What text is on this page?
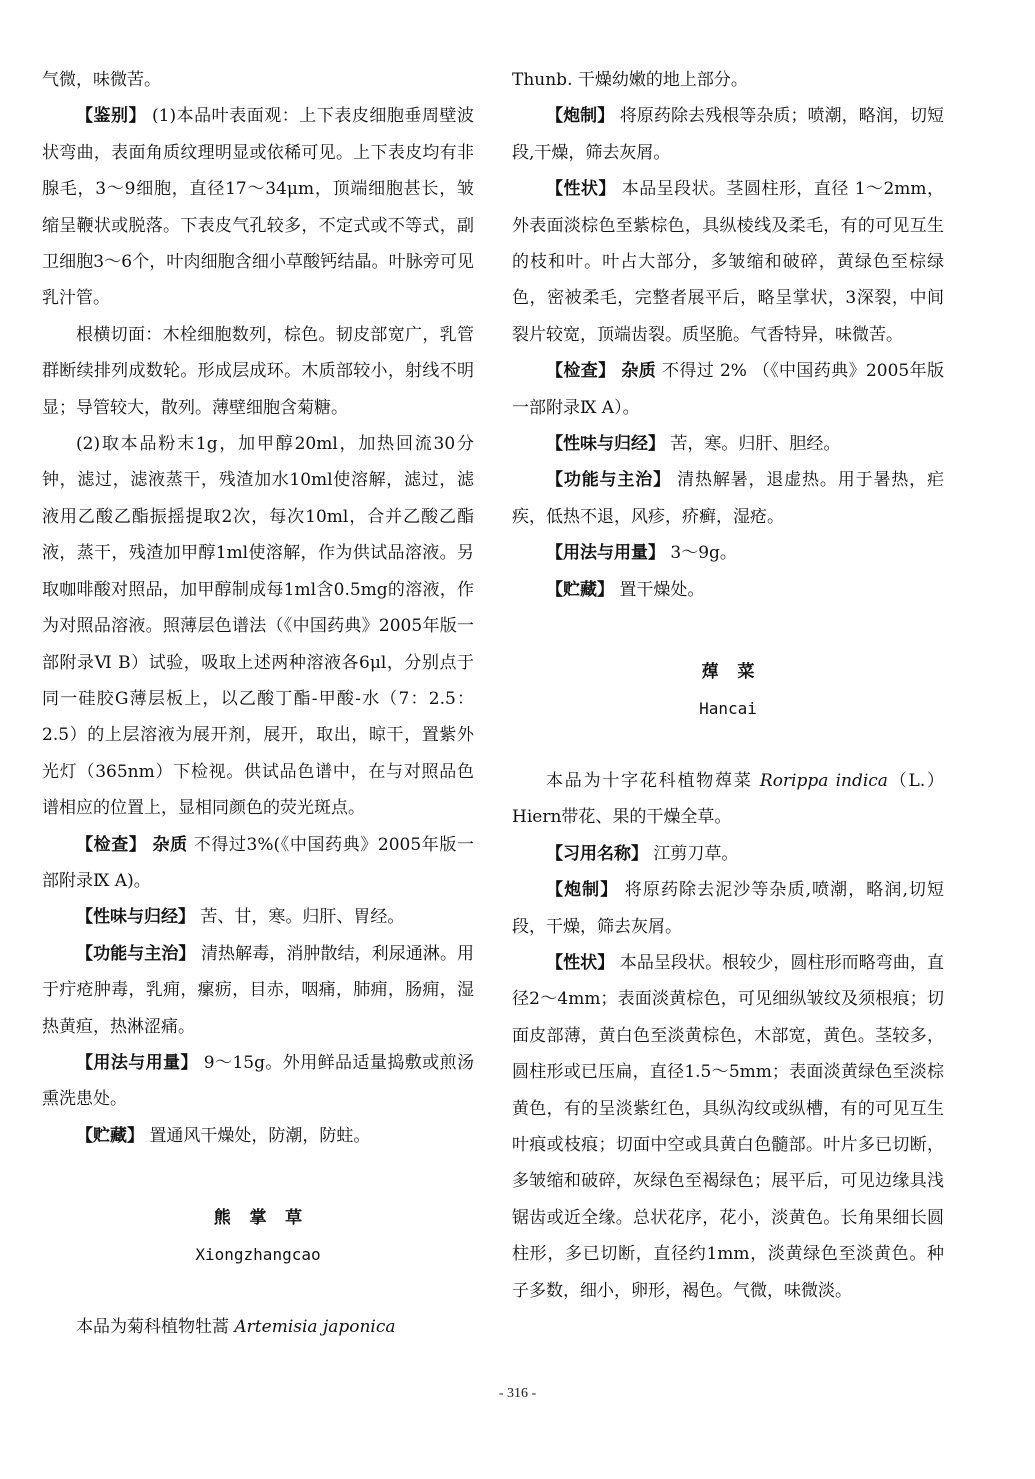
气微，味微苦。

【鉴别】 (1)本品叶表面观：上下表皮细胞垂周壁波状弯曲，表面角质纹理明显或依稀可见。上下表皮均有非腺毛，3～9细胞，直径17～34μm，顶端细胞甚长，皱缩呈鞭状或脱落。下表皮气孔较多，不定式或不等式，副卫细胞3～6个，叶肉细胞含细小草酸钙结晶。叶脉旁可见乳汁管。

根横切面：木栓细胞数列，棕色。韧皮部宽广，乳管群断续排列成数轮。形成层成环。木质部较小，射线不明显；导管较大，散列。薄壁细胞含菊糖。

(2)取本品粉末1g，加甲醇20ml，加热回流30分钟，滤过，滤液蒸干，残渣加水10ml使溶解，滤过，滤液用乙酸乙酯振摇提取2次，每次10ml，合并乙酸乙酯液，蒸干，残渣加甲醇1ml使溶解，作为供试品溶液。另取咖啡酸对照品，加甲醇制成每1ml含0.5mg的溶液，作为对照品溶液。照薄层色谱法（《中国药典》2005年版一部附录Ⅵ B）试验，吸取上述两种溶液各6μl，分别点于同一硅胶G薄层板上，以乙酸丁酯-甲酸-水（7：2.5：2.5）的上层溶液为展开剂，展开，取出，晾干，置紫外光灯（365nm）下检视。供试品色谱中，在与对照品色谱相应的位置上，显相同颜色的荧光斑点。

【检查】 杂质 不得过3%(《中国药典》2005年版一部附录Ⅸ A)。

【性味与归经】 苦、甘，寒。归肝、胃经。

【功能与主治】 清热解毒，消肿散结，利尿通淋。用于疔疮肿毒，乳痈，瘰疬，目赤，咽痛，肺痈，肠痈，湿热黄疸，热淋涩痛。

【用法与用量】 9～15g。外用鲜品适量捣敷或煎汤熏洗患处。

【贮藏】 置通风干燥处，防潮，防蛀。

熊掌草
Xiongzhangcao

本品为菊科植物牡蒿 Artemisia japonica

Thunb. 干燥幼嫩的地上部分。

【炮制】 将原药除去残根等杂质；喷潮，略润，切短段,干燥，筛去灰屑。

【性状】 本品呈段状。茎圆柱形，直径 1～2mm，外表面淡棕色至紫棕色，具纵棱线及柔毛，有的可见互生的枝和叶。叶占大部分，多皱缩和破碎，黄绿色至棕绿色，密被柔毛，完整者展平后，略呈掌状，3深裂，中间裂片较宽，顶端齿裂。质坚脆。气香特异，味微苦。

【检查】 杂质 不得过 2% （《中国药典》2005年版一部附录Ⅸ A）。

【性味与归经】 苦，寒。归肝、胆经。

【功能与主治】 清热解暑，退虚热。用于暑热，疟疾，低热不退，风疹，疥癣，湿疮。

【用法与用量】 3～9g。

【贮藏】 置干燥处。

蔊菜
Hancai

本品为十字花科植物蔊菜 Rorippa indica（L.）Hiern带花、果的干燥全草。

【习用名称】 江剪刀草。

【炮制】 将原药除去泥沙等杂质,喷潮，略润,切短段，干燥，筛去灰屑。

【性状】 本品呈段状。根较少，圆柱形而略弯曲，直径2～4mm；表面淡黄棕色，可见细纵皱纹及须根痕；切面皮部薄，黄白色至淡黄棕色，木部宽，黄色。茎较多，圆柱形或已压扁，直径1.5～5mm；表面淡黄绿色至淡棕黄色，有的呈淡紫红色，具纵沟纹或纵槽，有的可见互生叶痕或枝痕；切面中空或具黄白色髓部。叶片多已切断，多皱缩和破碎，灰绿色至褐绿色；展平后，可见边缘具浅锯齿或近全缘。总状花序，花小，淡黄色。长角果细长圆柱形，多已切断，直径约1mm，淡黄绿色至淡黄色。种子多数，细小，卵形，褐色。气微，味微淡。

- 316 -
